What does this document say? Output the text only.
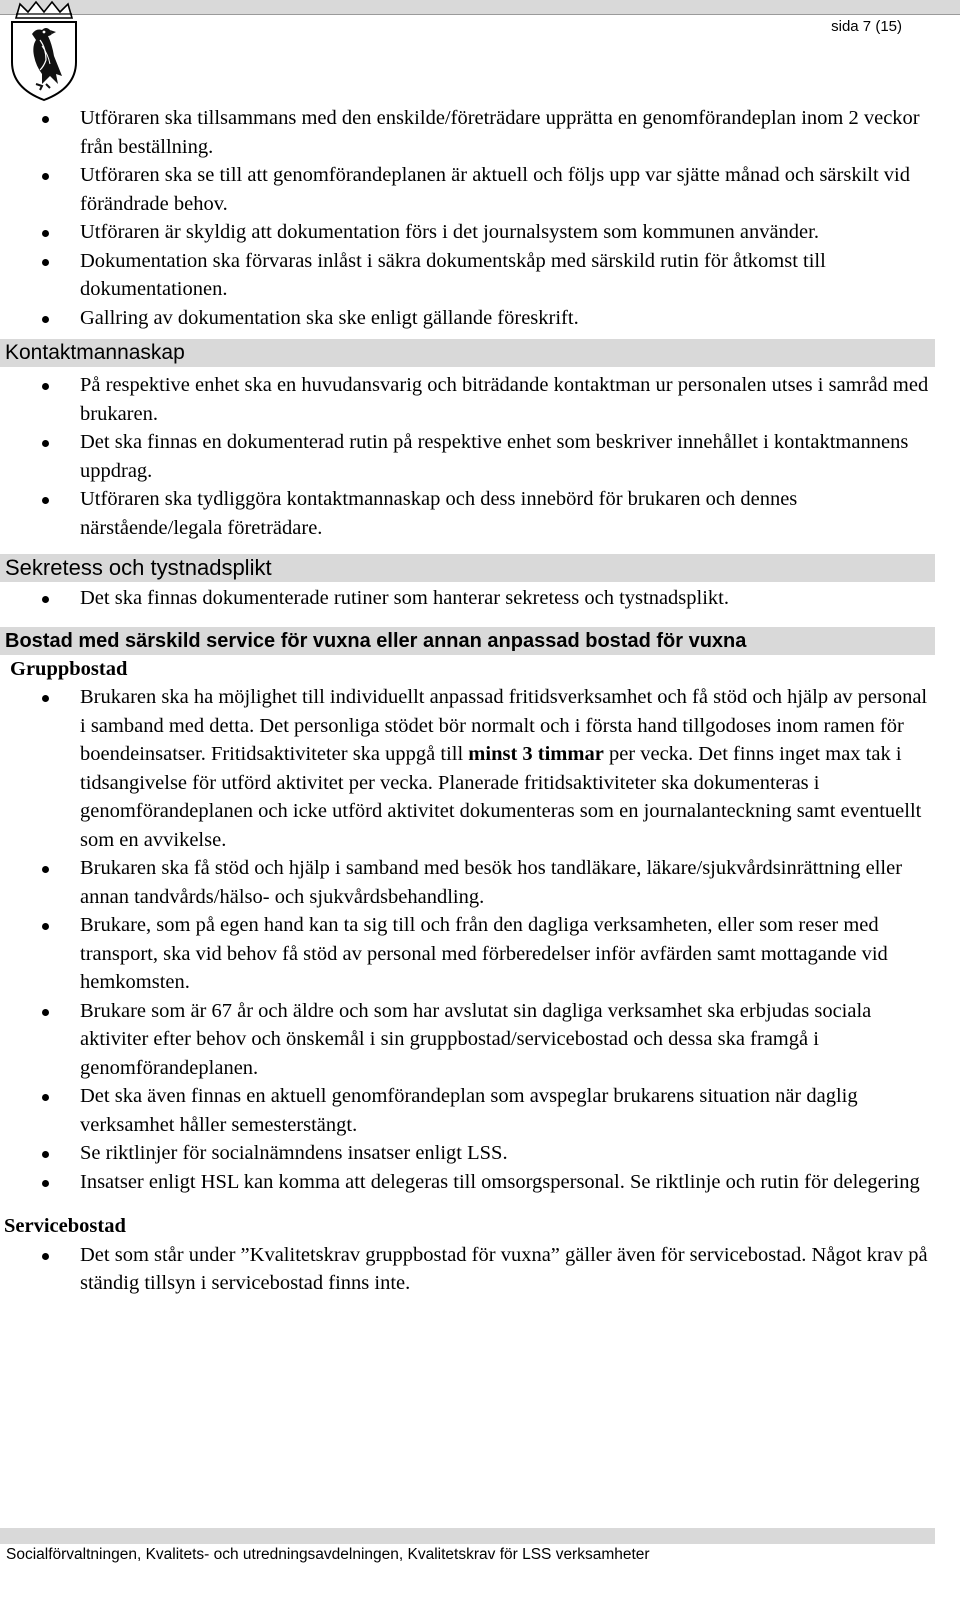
sida 7 (15)
Utföraren ska tillsammans med den enskilde/företrädare upprätta en genomförandeplan inom 2 veckor från beställning.
Utföraren ska se till att genomförandeplanen är aktuell och följs upp var sjätte månad och särskilt vid förändrade behov.
Utföraren är skyldig att dokumentation förs i det journalsystem som kommunen använder.
Dokumentation ska förvaras inlåst i säkra dokumentskåp med särskild rutin för åtkomst till dokumentationen.
Gallring av dokumentation ska ske enligt gällande föreskrift.
Kontaktmannaskap
På respektive enhet ska en huvudansvarig och biträdande kontaktman ur personalen utses i samråd med brukaren.
Det ska finnas en dokumenterad rutin på respektive enhet som beskriver innehållet i kontaktmannens uppdrag.
Utföraren ska tydliggöra kontaktmannaskap och dess innebörd för brukaren och dennes närstående/legala företrädare.
Sekretess och tystnadsplikt
Det ska finnas dokumenterade rutiner som hanterar sekretess och tystnadsplikt.
Bostad med särskild service för vuxna eller annan anpassad bostad för vuxna
Gruppbostad
Brukaren ska ha möjlighet till individuellt anpassad fritidsverksamhet och få stöd och hjälp av personal i samband med detta. Det personliga stödet bör normalt och i första hand tillgodoses inom ramen för boendeinsatser. Fritidsaktiviteter ska uppgå till minst 3 timmar per vecka. Det finns inget max tak i tidsangivelse för utförd aktivitet per vecka. Planerade fritidsaktiviteter ska dokumenteras i genomförandeplanen och icke utförd aktivitet dokumenteras som en journalanteckning samt eventuellt som en avvikelse.
Brukaren ska få stöd och hjälp i samband med besök hos tandläkare, läkare/sjukvårdsinrättning eller annan tandvårds/hälso- och sjukvårdsbehandling.
Brukare, som på egen hand kan ta sig till och från den dagliga verksamheten, eller som reser med transport, ska vid behov få stöd av personal med förberedelser inför avfärden samt mottagande vid hemkomsten.
Brukare som är 67 år och äldre och som har avslutat sin dagliga verksamhet ska erbjudas sociala aktiviter efter behov och önskemål i sin gruppbostad/servicebostad och dessa ska framgå i genomförandeplanen.
Det ska även finnas en aktuell genomförandeplan som avspeglar brukarens situation när daglig verksamhet håller semesterstängt.
Se riktlinjer för socialnämndens insatser enligt LSS.
Insatser enligt HSL kan komma att delegeras till omsorgspersonal. Se riktlinje och rutin för delegering
Servicebostad
Det som står under ”Kvalitetskrav gruppbostad för vuxna” gäller även för servicebostad. Något krav på ständig tillsyn i servicebostad finns inte.
Socialförvaltningen, Kvalitets- och utredningsavdelningen, Kvalitetskrav för LSS verksamheter
